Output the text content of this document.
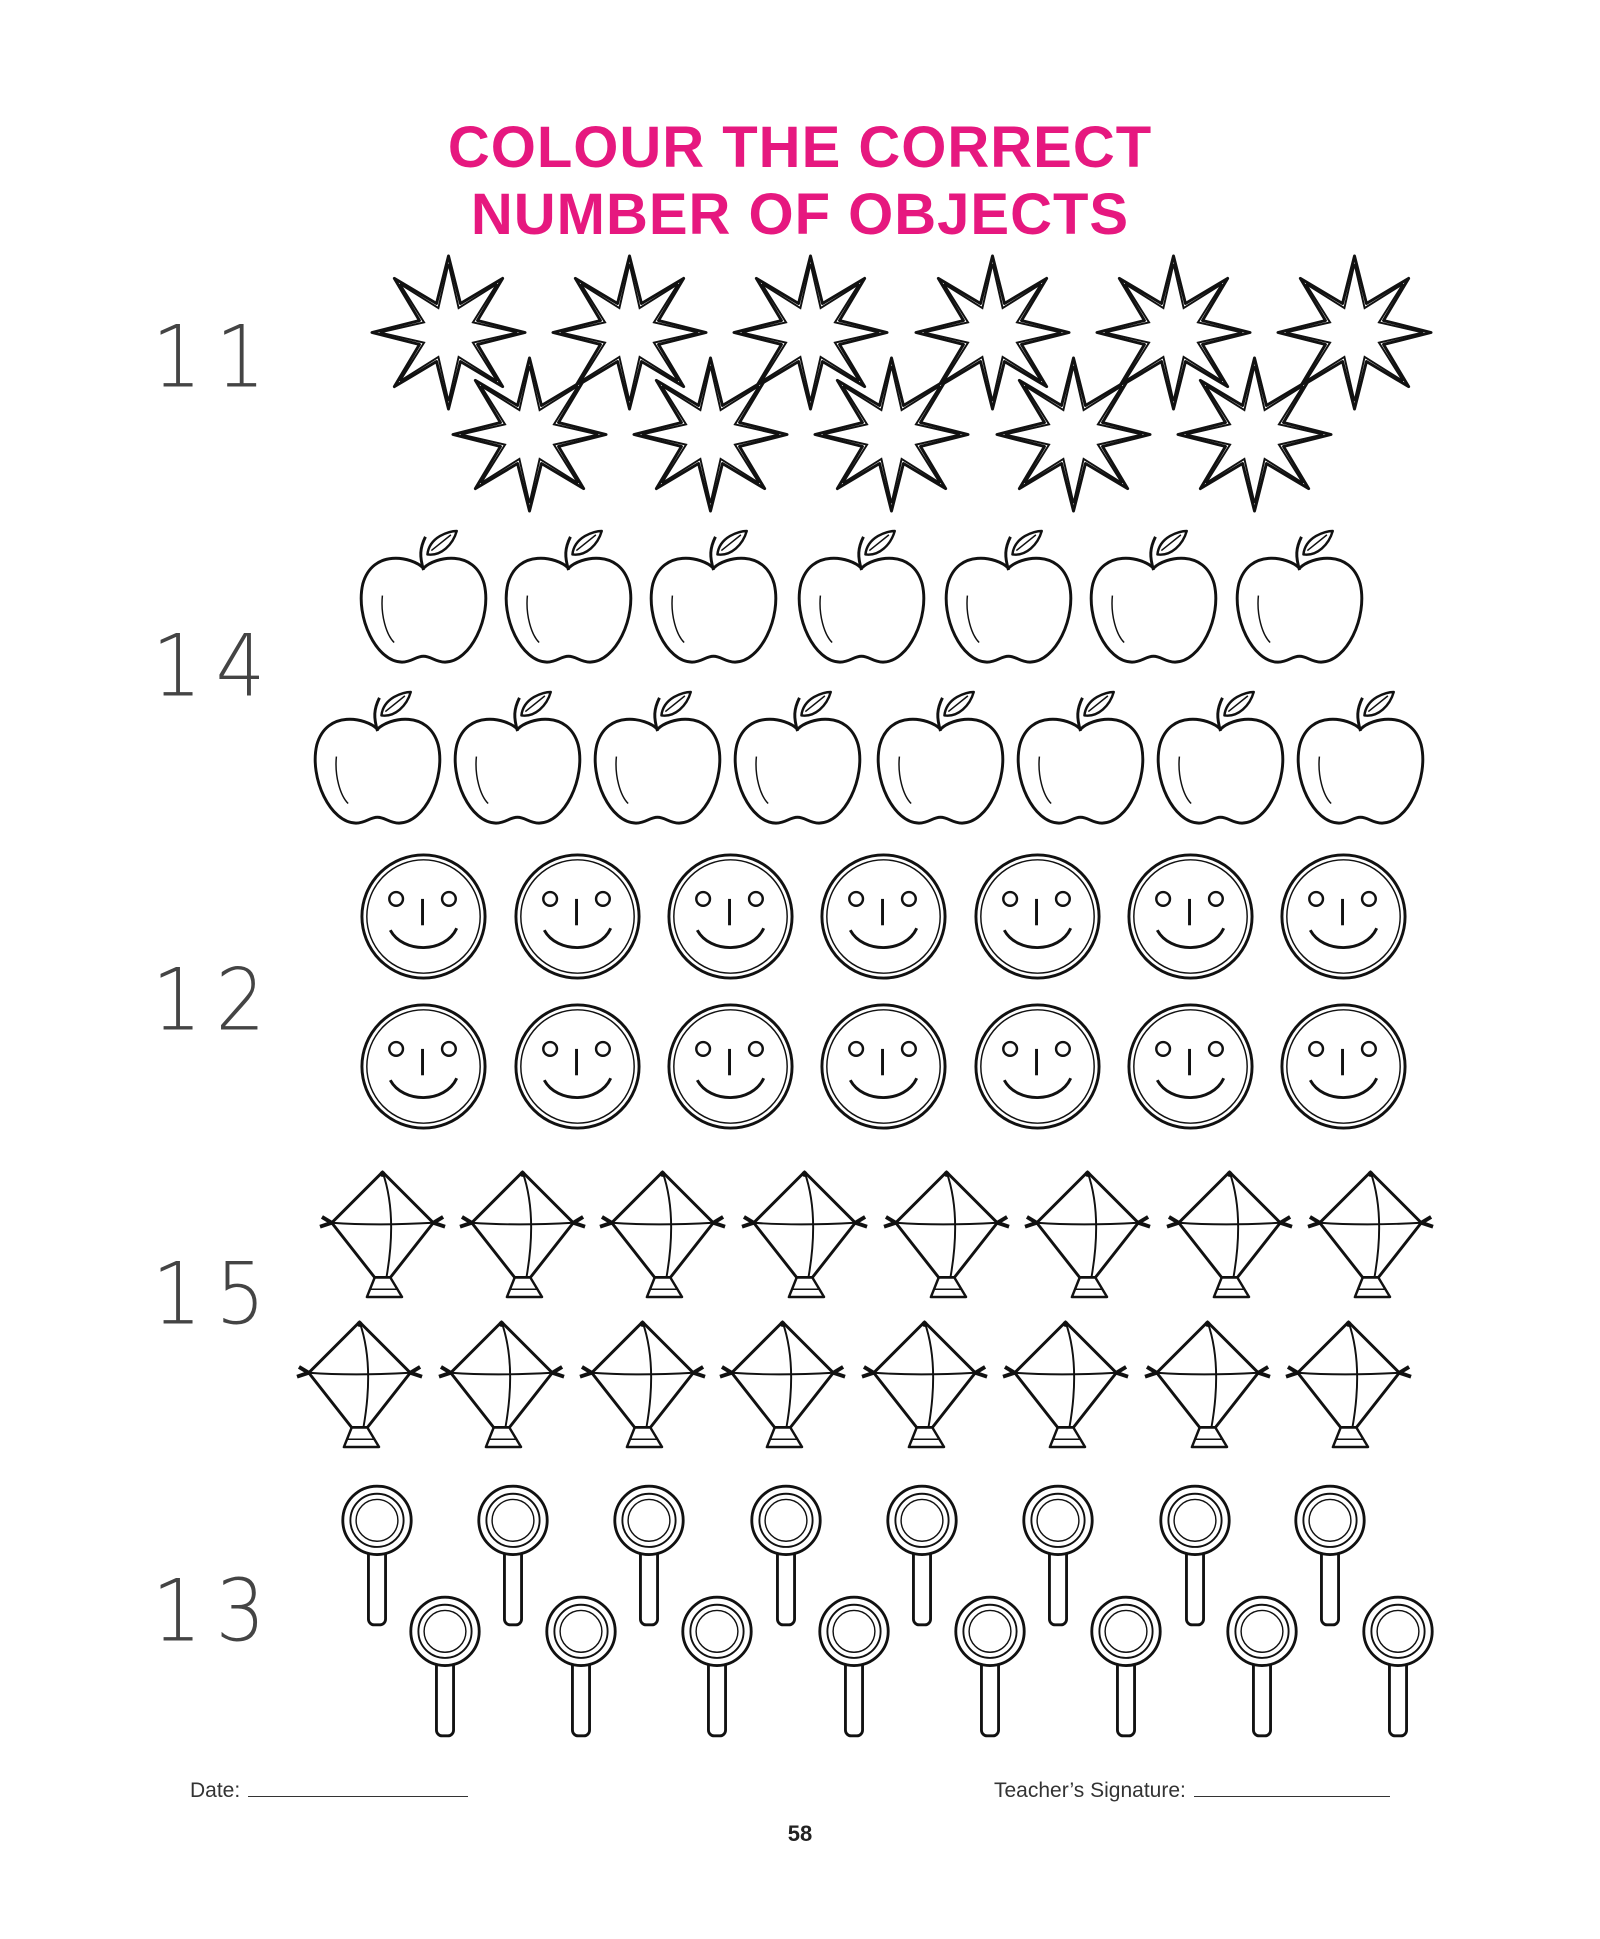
COLOUR THE CORRECT
NUMBER OF OBJECTS
11
14
12
15
13
Date:	Teacher’s Signature:
58
